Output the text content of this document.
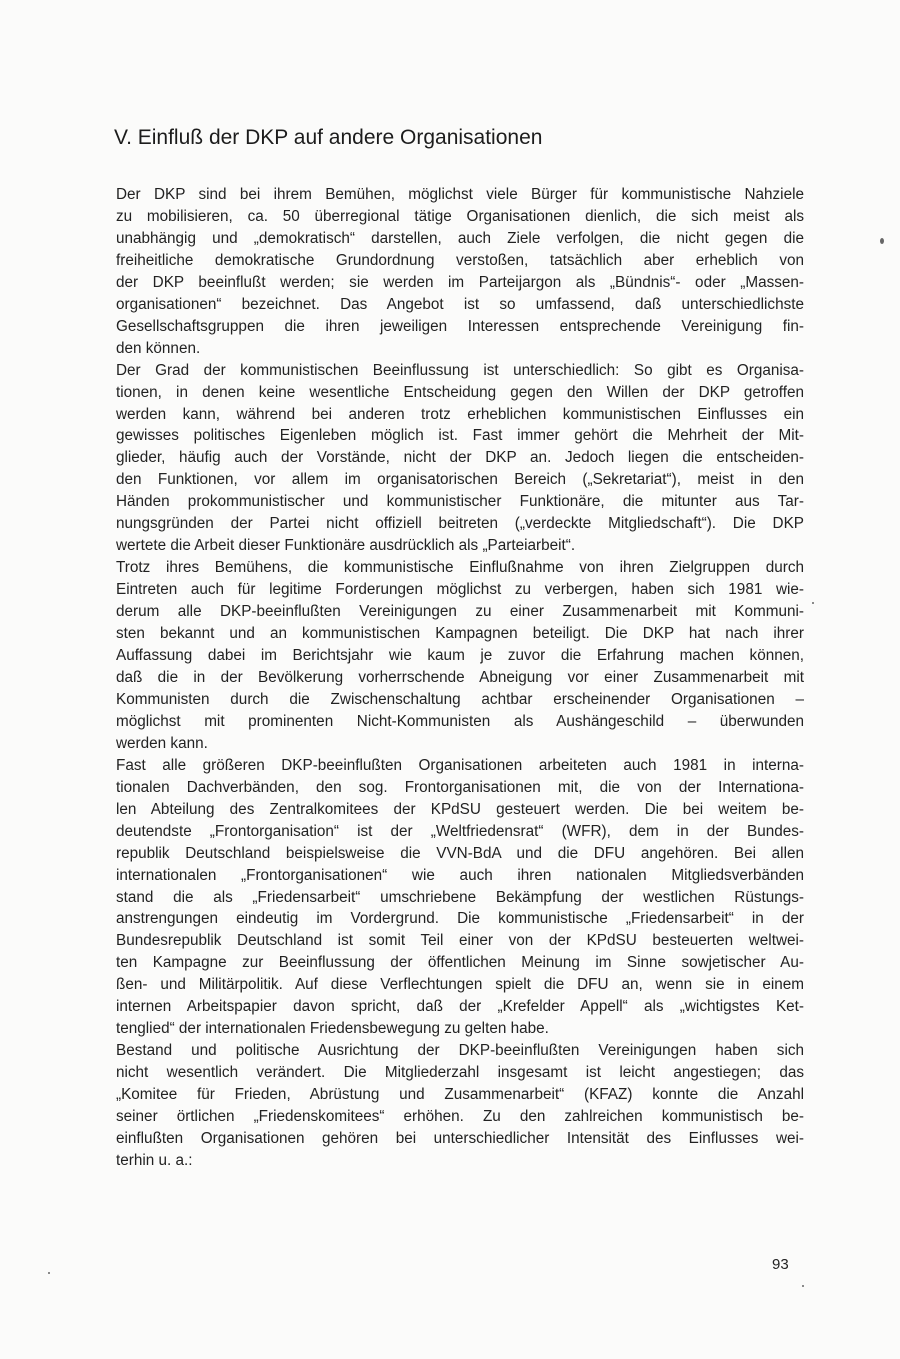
V. Einfluß der DKP auf andere Organisationen
Der DKP sind bei ihrem Bemühen, möglichst viele Bürger für kommunistische Nahziele
zu mobilisieren, ca. 50 überregional tätige Organisationen dienlich, die sich meist als
unabhängig und „demokratisch“ darstellen, auch Ziele verfolgen, die nicht gegen die
freiheitliche demokratische Grundordnung verstoßen, tatsächlich aber erheblich von
der DKP beeinflußt werden; sie werden im Parteijargon als „Bündnis“- oder „Massen-
organisationen“ bezeichnet. Das Angebot ist so umfassend, daß unterschiedlichste
Gesellschaftsgruppen die ihren jeweiligen Interessen entsprechende Vereinigung fin-
den können.
Der Grad der kommunistischen Beeinflussung ist unterschiedlich: So gibt es Organisa-
tionen, in denen keine wesentliche Entscheidung gegen den Willen der DKP getroffen
werden kann, während bei anderen trotz erheblichen kommunistischen Einflusses ein
gewisses politisches Eigenleben möglich ist. Fast immer gehört die Mehrheit der Mit-
glieder, häufig auch der Vorstände, nicht der DKP an. Jedoch liegen die entscheiden-
den Funktionen, vor allem im organisatorischen Bereich („Sekretariat“), meist in den
Händen prokommunistischer und kommunistischer Funktionäre, die mitunter aus Tar-
nungsgründen der Partei nicht offiziell beitreten („verdeckte Mitgliedschaft“). Die DKP
wertete die Arbeit dieser Funktionäre ausdrücklich als „Parteiarbeit“.
Trotz ihres Bemühens, die kommunistische Einflußnahme von ihren Zielgruppen durch
Eintreten auch für legitime Forderungen möglichst zu verbergen, haben sich 1981 wie-
derum alle DKP-beeinflußten Vereinigungen zu einer Zusammenarbeit mit Kommuni-
sten bekannt und an kommunistischen Kampagnen beteiligt. Die DKP hat nach ihrer
Auffassung dabei im Berichtsjahr wie kaum je zuvor die Erfahrung machen können,
daß die in der Bevölkerung vorherrschende Abneigung vor einer Zusammenarbeit mit
Kommunisten durch die Zwischenschaltung achtbar erscheinender Organisationen –
möglichst mit prominenten Nicht-Kommunisten als Aushängeschild – überwunden
werden kann.
Fast alle größeren DKP-beeinflußten Organisationen arbeiteten auch 1981 in interna-
tionalen Dachverbänden, den sog. Frontorganisationen mit, die von der Internationa-
len Abteilung des Zentralkomitees der KPdSU gesteuert werden. Die bei weitem be-
deutendste „Frontorganisation“ ist der „Weltfriedensrat“ (WFR), dem in der Bundes-
republik Deutschland beispielsweise die VVN-BdA und die DFU angehören. Bei allen
internationalen „Frontorganisationen“ wie auch ihren nationalen Mitgliedsverbänden
stand die als „Friedensarbeit“ umschriebene Bekämpfung der westlichen Rüstungs-
anstrengungen eindeutig im Vordergrund. Die kommunistische „Friedensarbeit“ in der
Bundesrepublik Deutschland ist somit Teil einer von der KPdSU besteuerten weltwei-
ten Kampagne zur Beeinflussung der öffentlichen Meinung im Sinne sowjetischer Au-
ßen- und Militärpolitik. Auf diese Verflechtungen spielt die DFU an, wenn sie in einem
internen Arbeitspapier davon spricht, daß der „Krefelder Appell“ als „wichtigstes Ket-
tenglied“ der internationalen Friedensbewegung zu gelten habe.
Bestand und politische Ausrichtung der DKP-beeinflußten Vereinigungen haben sich
nicht wesentlich verändert. Die Mitgliederzahl insgesamt ist leicht angestiegen; das
„Komitee für Frieden, Abrüstung und Zusammenarbeit“ (KFAZ) konnte die Anzahl
seiner örtlichen „Friedenskomitees“ erhöhen. Zu den zahlreichen kommunistisch be-
einflußten Organisationen gehören bei unterschiedlicher Intensität des Einflusses wei-
terhin u. a.:
93
